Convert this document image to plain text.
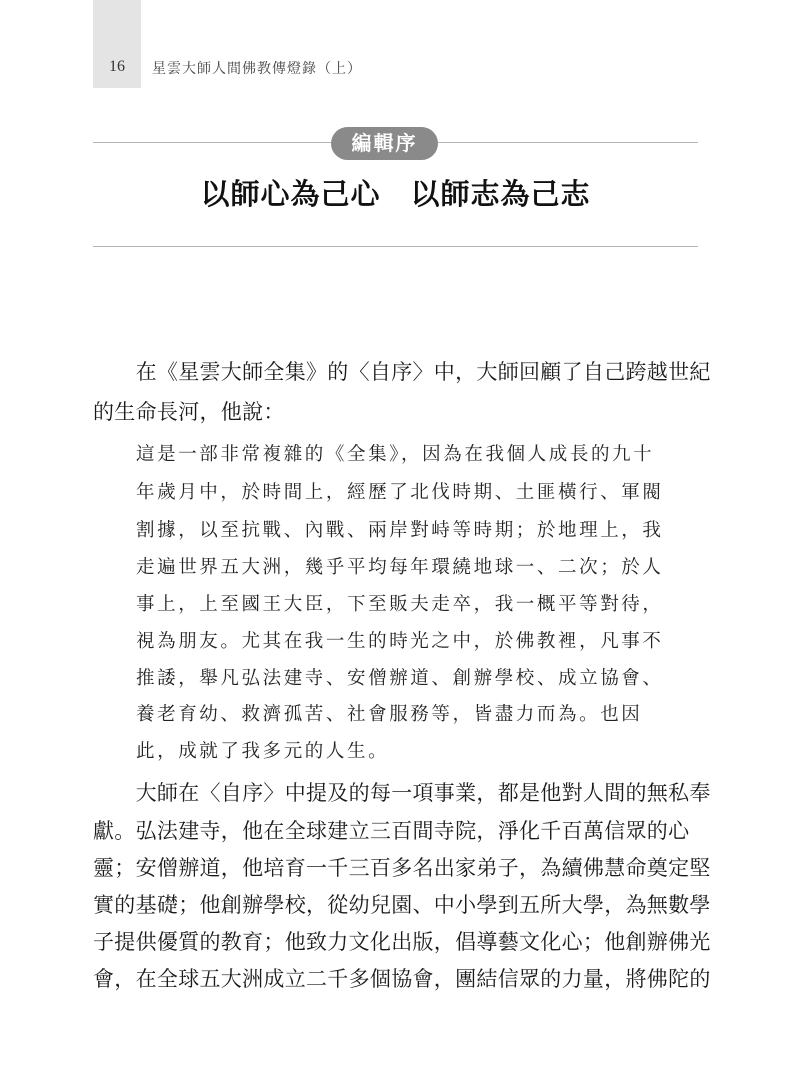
16	星雲大師人間佛教傳燈錄（上）
編輯序
以師心為己心　以師志為己志

　　在《星雲大師全集》的〈自序〉中，大師回顧了自己跨越世紀

的生命長河，他說：

這是一部非常複雜的《全集》，因為在我個人成長的九十

年歲月中，於時間上，經歷了北伐時期、土匪橫行、軍閥

割據，以至抗戰、內戰、兩岸對峙等時期；於地理上，我

走遍世界五大洲，幾乎平均每年環繞地球一、二次；於人

事上，上至國王大臣，下至販夫走卒，我一概平等對待，

視為朋友。尤其在我一生的時光之中，於佛教裡，凡事不

推諉，舉凡弘法建寺、安僧辦道、創辦學校、成立協會、

養老育幼、救濟孤苦、社會服務等，皆盡力而為。也因

此，成就了我多元的人生。

　　大師在〈自序〉中提及的每一項事業，都是他對人間的無私奉

獻。弘法建寺，他在全球建立三百間寺院，淨化千百萬信眾的心

靈；安僧辦道，他培育一千三百多名出家弟子，為續佛慧命奠定堅

實的基礎；他創辦學校，從幼兒園、中小學到五所大學，為無數學

子提供優質的教育；他致力文化出版，倡導藝文化心；他創辦佛光

會，在全球五大洲成立二千多個協會，團結信眾的力量，將佛陀的
